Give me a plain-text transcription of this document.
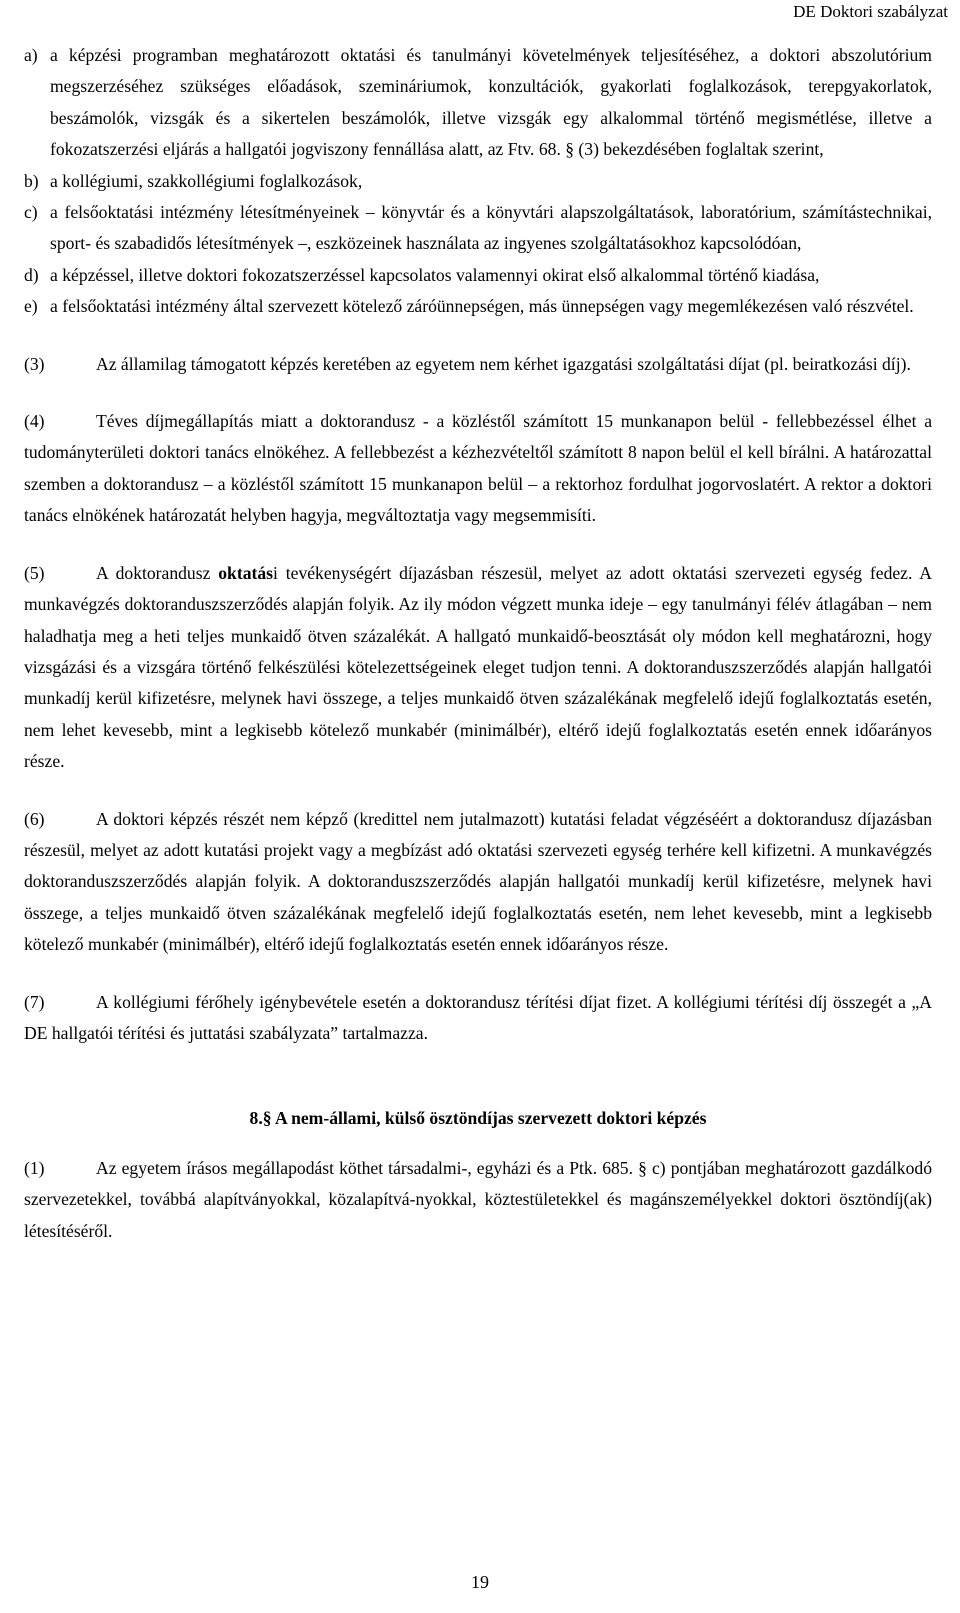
DE Doktori szabályzat
a) a képzési programban meghatározott oktatási és tanulmányi követelmények teljesítéséhez, a doktori abszolutórium megszerzéséhez szükséges előadások, szemináriumok, konzultációk, gyakorlati foglalkozások, terepgyakorlatok, beszámolók, vizsgák és a sikertelen beszámolók, illetve vizsgák egy alkalommal történő megismétlése, illetve a fokozatszerzési eljárás a hallgatói jogviszony fennállása alatt, az Ftv. 68. § (3) bekezdésében foglaltak szerint,
b) a kollégiumi, szakkollégiumi foglalkozások,
c) a felsőoktatási intézmény létesítményeinek – könyvtár és a könyvtári alapszolgáltatások, laboratórium, számítástechnikai, sport- és szabadidős létesítmények –, eszközeinek használata az ingyenes szolgáltatásokhoz kapcsolódóan,
d) a képzéssel, illetve doktori fokozatszerzéssel kapcsolatos valamennyi okirat első alkalommal történő kiadása,
e) a felsőoktatási intézmény által szervezett kötelező záróünnepségen, más ünnepségen vagy megemlékezésen való részvétel.

(3)	Az államilag támogatott képzés keretében az egyetem nem kérhet igazgatási szolgáltatási díjat (pl. beiratkozási díj).

(4)	Téves díjmegállapítás miatt a doktorandusz - a közléstől számított 15 munkanapon belül - fellebbezéssel élhet a tudományterületi doktori tanács elnökéhez. A fellebbezést a kézhezvételtől számított 8 napon belül el kell bírálni. A határozattal szemben a doktorandusz – a közléstől számított 15 munkanapon belül – a rektorhoz fordulhat jogorvoslatért. A rektor a doktori tanács elnökének határozatát helyben hagyja, megváltoztatja vagy megsemmisíti.

(5)	A doktorandusz oktatási tevékenységért díjazásban részesül, melyet az adott oktatási szervezeti egység fedez. A munkavégzés doktoranduszszerződés alapján folyik. Az ily módon végzett munka ideje – egy tanulmányi félév átlagában – nem haladhatja meg a heti teljes munkaidő ötven százalékát. A hallgató munkaidő-beosztását oly módon kell meghatározni, hogy vizsgázási és a vizsgára történő felkészülési kötelezettségeinek eleget tudjon tenni. A doktoranduszszerződés alapján hallgatói munkadíj kerül kifizetésre, melynek havi összege, a teljes munkaidő ötven százalékának megfelelő idejű foglalkoztatás esetén, nem lehet kevesebb, mint a legkisebb kötelező munkabér (minimálbér), eltérő idejű foglalkoztatás esetén ennek időarányos része.

(6)	A doktori képzés részét nem képző (kredittel nem jutalmazott) kutatási feladat végzéséért a doktorandusz díjazásban részesül, melyet az adott kutatási projekt vagy a megbízást adó oktatási szervezeti egység terhére kell kifizetni. A munkavégzés doktoranduszszerződés alapján folyik. A doktoranduszszerződés alapján hallgatói munkadíj kerül kifizetésre, melynek havi összege, a teljes munkaidő ötven százalékának megfelelő idejű foglalkoztatás esetén, nem lehet kevesebb, mint a legkisebb kötelező munkabér (minimálbér), eltérő idejű foglalkoztatás esetén ennek időarányos része.

(7)	A kollégiumi férőhely igénybevétele esetén a doktorandusz térítési díjat fizet. A kollégiumi térítési díj összegét a „A DE hallgatói térítési és juttatási szabályzata” tartalmazza.

8.§ A nem-állami, külső ösztöndíjas szervezett doktori képzés

(1)	Az egyetem írásos megállapodást köthet társadalmi-, egyházi és a Ptk. 685. § c) pontjában meghatározott gazdálkodó szervezetekkel, továbbá alapítványokkal, közalapítvá-nyokkal, köztestületekkel és magánszemélyekkel doktori ösztöndíj(ak) létesítéséről.

19
